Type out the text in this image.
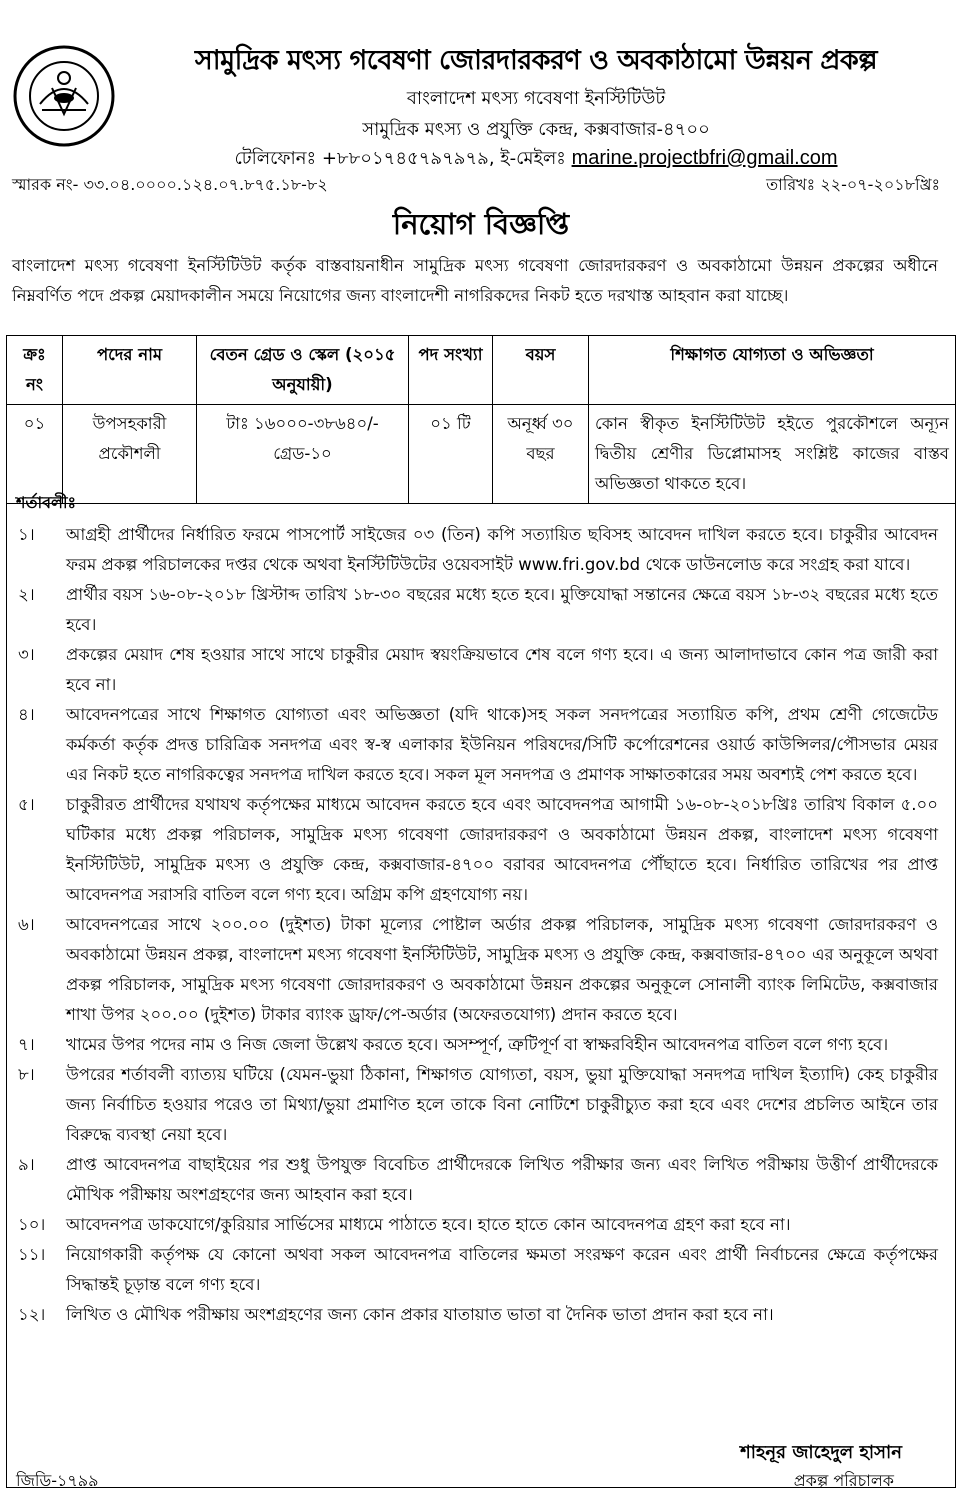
সামুদ্রিক মৎস্য গবেষণা জোরদারকরণ ও অবকাঠামো উন্নয়ন প্রকল্প
বাংলাদেশ মৎস্য গবেষণা ইনস্টিটিউট
সামুদ্রিক মৎস্য ও প্রযুক্তি কেন্দ্র, কক্সবাজার-৪৭০০
টেলিফোনঃ +৮৮০১৭৪৫৭৯৭৯৭৯, ই-মেইলঃ marine.projectbfri@gmail.com
স্মারক নং- ৩৩.০৪.০০০০.১২৪.০৭.৮৭৫.১৮-৮২	তারিখঃ ২২-০৭-২০১৮খ্রিঃ
নিয়োগ বিজ্ঞপ্তি
বাংলাদেশ মৎস্য গবেষণা ইনস্টিটিউট কর্তৃক বাস্তবায়নাধীন সামুদ্রিক মৎস্য গবেষণা জোরদারকরণ ও অবকাঠামো উন্নয়ন প্রকল্পের অধীনে নিম্নবর্ণিত পদে প্রকল্প মেয়াদকালীন সময়ে নিয়োগের জন্য বাংলাদেশী নাগরিকদের নিকট হতে দরখাস্ত আহবান করা যাচ্ছে।
ক্রঃ নং	পদের নাম	বেতন গ্রেড ও স্কেল (২০১৫ অনুযায়ী)	পদ সংখ্যা	বয়স	শিক্ষাগত যোগ্যতা ও অভিজ্ঞতা
০১	উপসহকারী প্রকৌশলী	টাঃ ১৬০০০-৩৮৬৪০/- গ্রেড-১০	০১ টি	অনূর্ধ্ব ৩০ বছর	কোন স্বীকৃত ইনস্টিটিউট হইতে পুরকৌশলে অন্যূন দ্বিতীয় শ্রেণীর ডিপ্লোমাসহ সংশ্লিষ্ট কাজের বাস্তব অভিজ্ঞতা থাকতে হবে।
শর্তাবলীঃ
১।	আগ্রহী প্রার্থীদের নির্ধারিত ফরমে পাসপোর্ট সাইজের ০৩ (তিন) কপি সত্যায়িত ছবিসহ আবেদন দাখিল করতে হবে। চাকুরীর আবেদন ফরম প্রকল্প পরিচালকের দপ্তর থেকে অথবা ইনস্টিটিউটের ওয়েবসাইট www.fri.gov.bd থেকে ডাউনলোড করে সংগ্রহ করা যাবে।
২।	প্রার্থীর বয়স ১৬-০৮-২০১৮ খ্রিস্টাব্দ তারিখ ১৮-৩০ বছরের মধ্যে হতে হবে। মুক্তিযোদ্ধা সন্তানের ক্ষেত্রে বয়স ১৮-৩২ বছরের মধ্যে হতে হবে।
৩।	প্রকল্পের মেয়াদ শেষ হওয়ার সাথে সাথে চাকুরীর মেয়াদ স্বয়ংক্রিয়ভাবে শেষ বলে গণ্য হবে। এ জন্য আলাদাভাবে কোন পত্র জারী করা হবে না।
৪।	আবেদনপত্রের সাথে শিক্ষাগত যোগ্যতা এবং অভিজ্ঞতা (যদি থাকে)সহ সকল সনদপত্রের সত্যায়িত কপি, প্রথম শ্রেণী গেজেটেড কর্মকর্তা কর্তৃক প্রদত্ত চারিত্রিক সনদপত্র এবং স্ব-স্ব এলাকার ইউনিয়ন পরিষদের/সিটি কর্পোরেশনের ওয়ার্ড কাউন্সিলর/পৌসভার মেয়র এর নিকট হতে নাগরিকত্বের সনদপত্র দাখিল করতে হবে। সকল মূল সনদপত্র ও প্রমাণক সাক্ষাতকারের সময় অবশ্যই পেশ করতে হবে।
৫।	চাকুরীরত প্রার্থীদের যথাযথ কর্তৃপক্ষের মাধ্যমে আবেদন করতে হবে এবং আবেদনপত্র আগামী ১৬-০৮-২০১৮খ্রিঃ তারিখ বিকাল ৫.০০ ঘটিকার মধ্যে প্রকল্প পরিচালক, সামুদ্রিক মৎস্য গবেষণা জোরদারকরণ ও অবকাঠামো উন্নয়ন প্রকল্প, বাংলাদেশ মৎস্য গবেষণা ইনস্টিটিউট, সামুদ্রিক মৎস্য ও প্রযুক্তি কেন্দ্র, কক্সবাজার-৪৭০০ বরাবর আবেদনপত্র পৌঁছাতে হবে। নির্ধারিত তারিখের পর প্রাপ্ত আবেদনপত্র সরাসরি বাতিল বলে গণ্য হবে। অগ্রিম কপি গ্রহণযোগ্য নয়।
৬।	আবেদনপত্রের সাথে ২০০.০০ (দুইশত) টাকা মূল্যের পোষ্টাল অর্ডার প্রকল্প পরিচালক, সামুদ্রিক মৎস্য গবেষণা জোরদারকরণ ও অবকাঠামো উন্নয়ন প্রকল্প, বাংলাদেশ মৎস্য গবেষণা ইনস্টিটিউট, সামুদ্রিক মৎস্য ও প্রযুক্তি কেন্দ্র, কক্সবাজার-৪৭০০ এর অনুকূলে অথবা প্রকল্প পরিচালক, সামুদ্রিক মৎস্য গবেষণা জোরদারকরণ ও অবকাঠামো উন্নয়ন প্রকল্পের অনুকূলে সোনালী ব্যাংক লিমিটেড, কক্সবাজার শাখা উপর ২০০.০০ (দুইশত) টাকার ব্যাংক ড্রাফ/পে-অর্ডার (অফেরতযোগ্য) প্রদান করতে হবে।
৭।	খামের উপর পদের নাম ও নিজ জেলা উল্লেখ করতে হবে। অসম্পূর্ণ, ত্রুটিপূর্ণ বা স্বাক্ষরবিহীন আবেদনপত্র বাতিল বলে গণ্য হবে।
৮।	উপরের শর্তাবলী ব্যাত্যয় ঘটিয়ে (যেমন-ভুয়া ঠিকানা, শিক্ষাগত যোগ্যতা, বয়স, ভুয়া মুক্তিযোদ্ধা সনদপত্র দাখিল ইত্যাদি) কেহ চাকুরীর জন্য নির্বাচিত হওয়ার পরেও তা মিথ্যা/ভুয়া প্রমাণিত হলে তাকে বিনা নোটিশে চাকুরীচ্যুত করা হবে এবং দেশের প্রচলিত আইনে তার বিরুদ্ধে ব্যবস্থা নেয়া হবে।
৯।	প্রাপ্ত আবেদনপত্র বাছাইয়ের পর শুধু উপযুক্ত বিবেচিত প্রার্থীদেরকে লিখিত পরীক্ষার জন্য এবং লিখিত পরীক্ষায় উত্তীর্ণ প্রার্থীদেরকে মৌখিক পরীক্ষায় অংশগ্রহণের জন্য আহবান করা হবে।
১০।	আবেদনপত্র ডাকযোগে/কুরিয়ার সার্ভিসের মাধ্যমে পাঠাতে হবে। হাতে হাতে কোন আবেদনপত্র গ্রহণ করা হবে না।
১১।	নিয়োগকারী কর্তৃপক্ষ যে কোনো অথবা সকল আবেদনপত্র বাতিলের ক্ষমতা সংরক্ষণ করেন এবং প্রার্থী নির্বাচনের ক্ষেত্রে কর্তৃপক্ষের সিদ্ধান্তই চূড়ান্ত বলে গণ্য হবে।
১২।	লিখিত ও মৌখিক পরীক্ষায় অংশগ্রহণের জন্য কোন প্রকার যাতায়াত ভাতা বা দৈনিক ভাতা প্রদান করা হবে না।
শাহনূর জাহেদুল হাসান
প্রকল্প পরিচালক
জিডি-১৭৯৯
